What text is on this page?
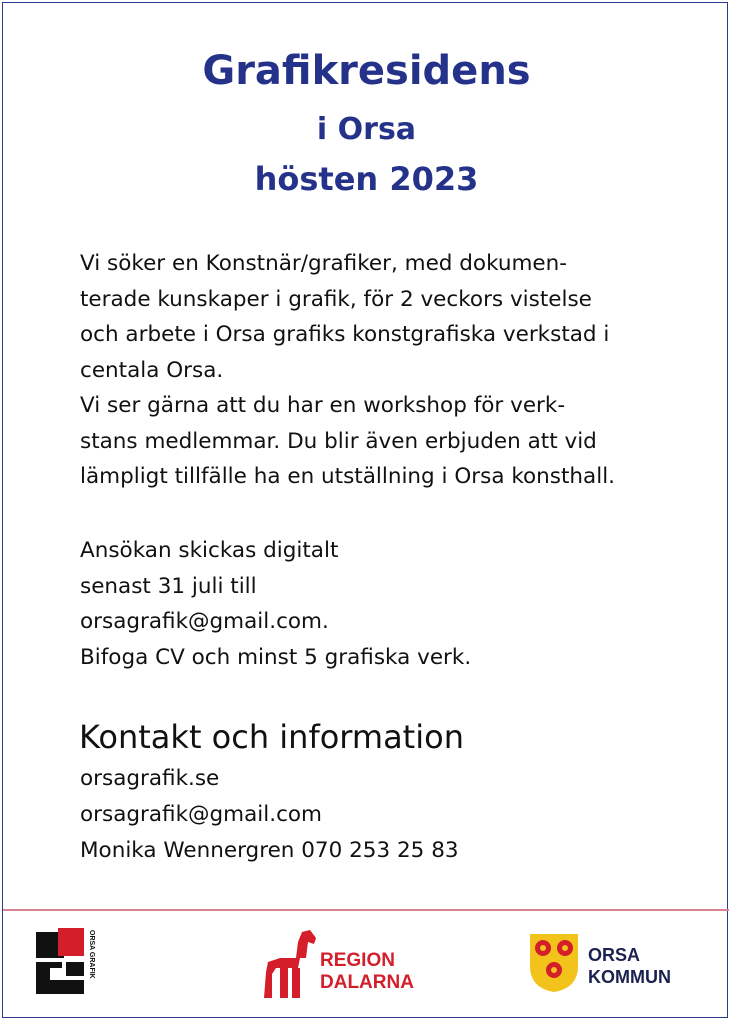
Grafikresidens
i Orsa
hösten 2023
Vi söker en Konstnär/grafiker, med dokumen-
terade kunskaper i grafik, för 2 veckors vistelse
och arbete i Orsa grafiks konstgrafiska verkstad i
centala Orsa.
Vi ser gärna att du har en workshop för verk-
stans medlemmar. Du blir även erbjuden att vid
lämpligt tillfälle ha en utställning i Orsa konsthall.
Ansökan skickas digitalt
senast 31 juli till
orsagrafik@gmail.com.
Bifoga CV och minst 5 grafiska verk.
Kontakt och information
orsagrafik.se
orsagrafik@gmail.com
Monika Wennergren 070 253 25 83
ORSA GRAFIK	REGION
DALARNA
ORSA
KOMMUN
